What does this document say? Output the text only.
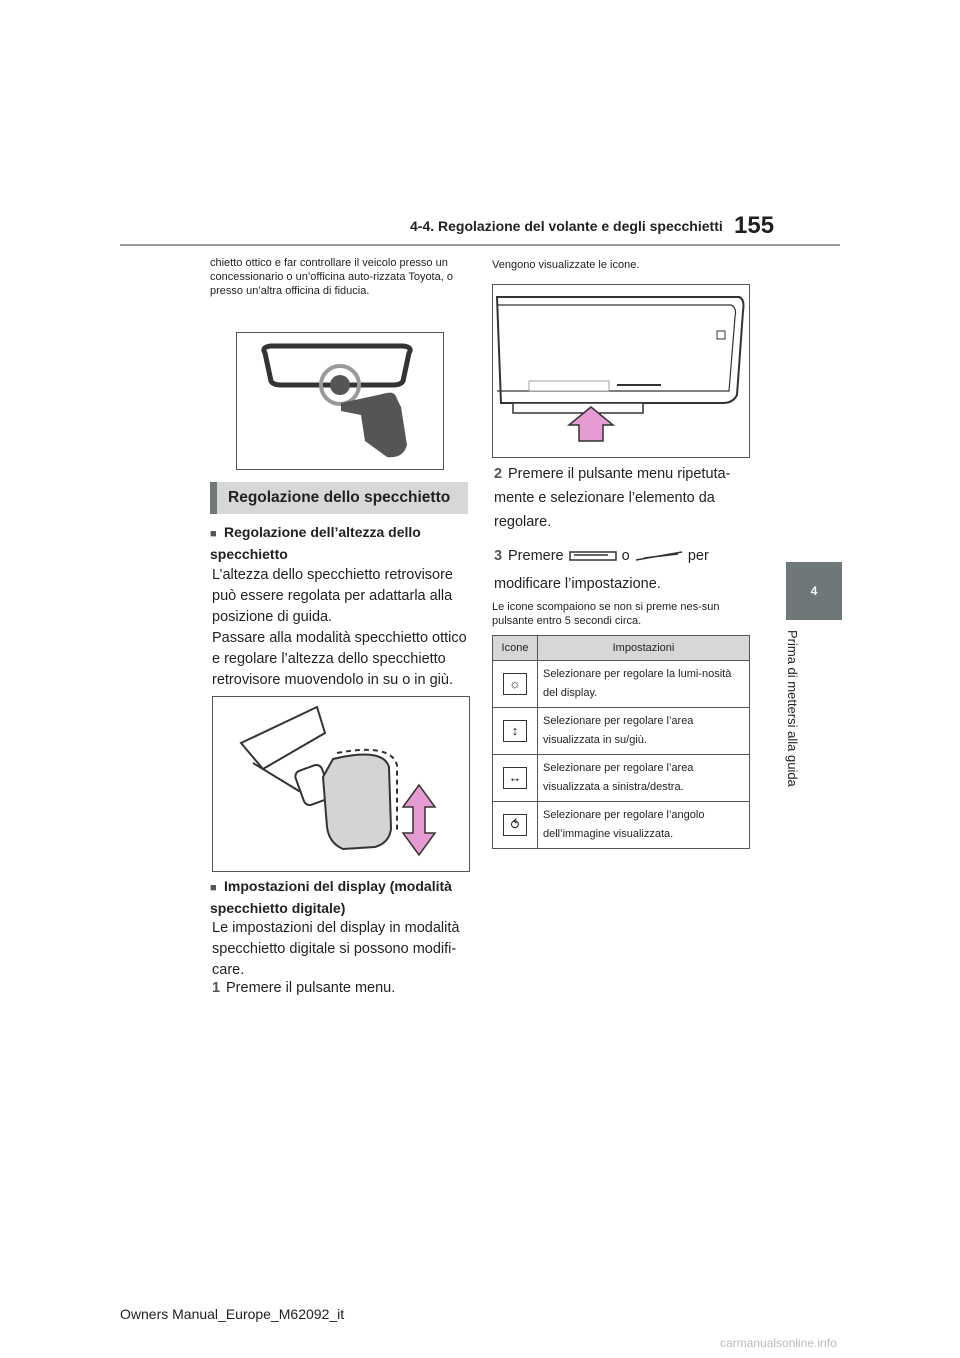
4-4. Regolazione del volante e degli specchietti 155
4
Prima di mettersi alla guida
chietto ottico e far controllare il veicolo presso un concessionario o un’officina auto-rizzata Toyota, o presso un’altra officina di fiducia.
Regolazione dello specchietto
■ Regolazione dell’altezza dello specchietto
L’altezza dello specchietto retrovisore può essere regolata per adattarla alla posizione di guida.
Passare alla modalità specchietto ottico e regolare l’altezza dello specchietto retrovisore muovendolo in su o in giù.
■ Impostazioni del display (modalità specchietto digitale)
Le impostazioni del display in modalità specchietto digitale si possono modifi-care.
1 Premere il pulsante menu.
Vengono visualizzate le icone.
2 Premere il pulsante menu ripetuta-mente e selezionare l’elemento da regolare.
3 Premere	o	per
modificare l’impostazione.
Le icone scompaiono se non si preme nes-sun pulsante entro 5 secondi circa.
Icone	Impostazioni
☼	Selezionare per regolare la lumi-nosità del display.
↕	Selezionare per regolare l’area visualizzata in su/giù.
↔	Selezionare per regolare l’area visualizzata a sinistra/destra.
⥀	Selezionare per regolare l’angolo dell’immagine visualizzata.
Owners Manual_Europe_M62092_it
carmanualsonline.info
